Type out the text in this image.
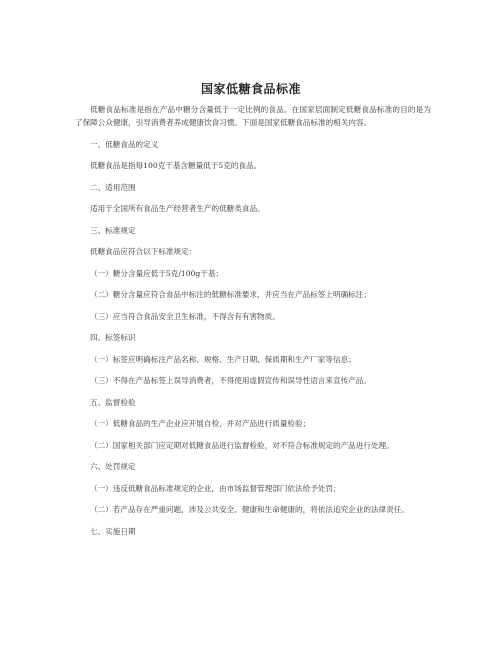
国家低糖食品标准

低糖食品标准是指在产品中糖分含量低于一定比例的食品。在国家层面制定低糖食品标准的目的是为了保障公众健康，引导消费者养成健康饮食习惯。下面是国家低糖食品标准的相关内容。

一、低糖食品的定义

低糖食品是指每100克干基含糖量低于5克的食品。

二、适用范围

适用于全国所有食品生产经营者生产的低糖类食品。

三、标准规定

低糖食品应符合以下标准规定：

（一）糖分含量应低于5克/100g干基；

（二）糖分含量应符合食品中标注的低糖标准要求，并应当在产品标签上明确标注；

（三）应当符合食品安全卫生标准，不得含有有害物质。

四、标签标识

（一）标签应明确标注产品名称、规格、生产日期、保质期和生产厂家等信息；

（三）不得在产品标签上误导消费者，不得使用虚假宣传和误导性语言来宣传产品。

五、监督检验

（一）低糖食品的生产企业应开展自检，并对产品进行质量检验；

（二）国家相关部门应定期对低糖食品进行监督检验，对不符合标准规定的产品进行处理。

六、处罚规定

（一）违反低糖食品标准规定的企业，由市场监督管理部门依法给予处罚；

（二）若产品存在严重问题，涉及公共安全、健康和生命健康的，将依法追究企业的法律责任。

七、实施日期
